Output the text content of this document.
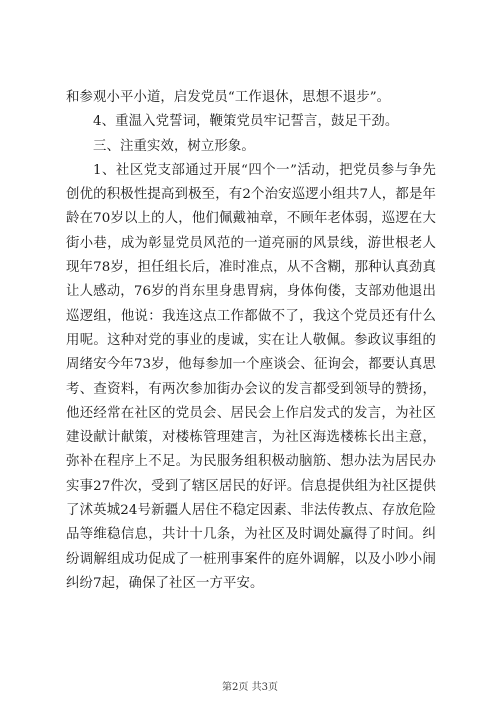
和参观小平小道，启发党员“工作退休，思想不退步”。

4、重温入党誓词，鞭策党员牢记誓言，鼓足干劲。

三、注重实效，树立形象。

1、社区党支部通过开展“四个一”活动，把党员参与争先创优的积极性提高到极至，有2个治安巡逻小组共7人，都是年龄在70岁以上的人，他们佩戴袖章，不顾年老体弱，巡逻在大街小巷，成为彰显党员风范的一道亮丽的风景线，游世根老人现年78岁，担任组长后，准时准点，从不含糊，那种认真劲真让人感动，76岁的肖东里身患胃病，身体佝偻，支部劝他退出巡逻组，他说：我连这点工作都做不了，我这个党员还有什么用呢。这种对党的事业的虔诚，实在让人敬佩。参政议事组的周绪安今年73岁，他每参加一个座谈会、征询会，都要认真思考、查资料，有两次参加街办会议的发言都受到领导的赞扬，他还经常在社区的党员会、居民会上作启发式的发言，为社区建设献计献策，对楼栋管理建言，为社区海选楼栋长出主意，弥补在程序上不足。为民服务组积极动脑筋、想办法为居民办实事27件次，受到了辖区居民的好评。信息提供组为社区提供了沭英城24号新疆人居住不稳定因素、非法传教点、存放危险品等维稳信息，共计十几条，为社区及时调处赢得了时间。纠纷调解组成功促成了一桩刑事案件的庭外调解，以及小吵小闹纠纷7起，确保了社区一方平安。

第2页 共3页
